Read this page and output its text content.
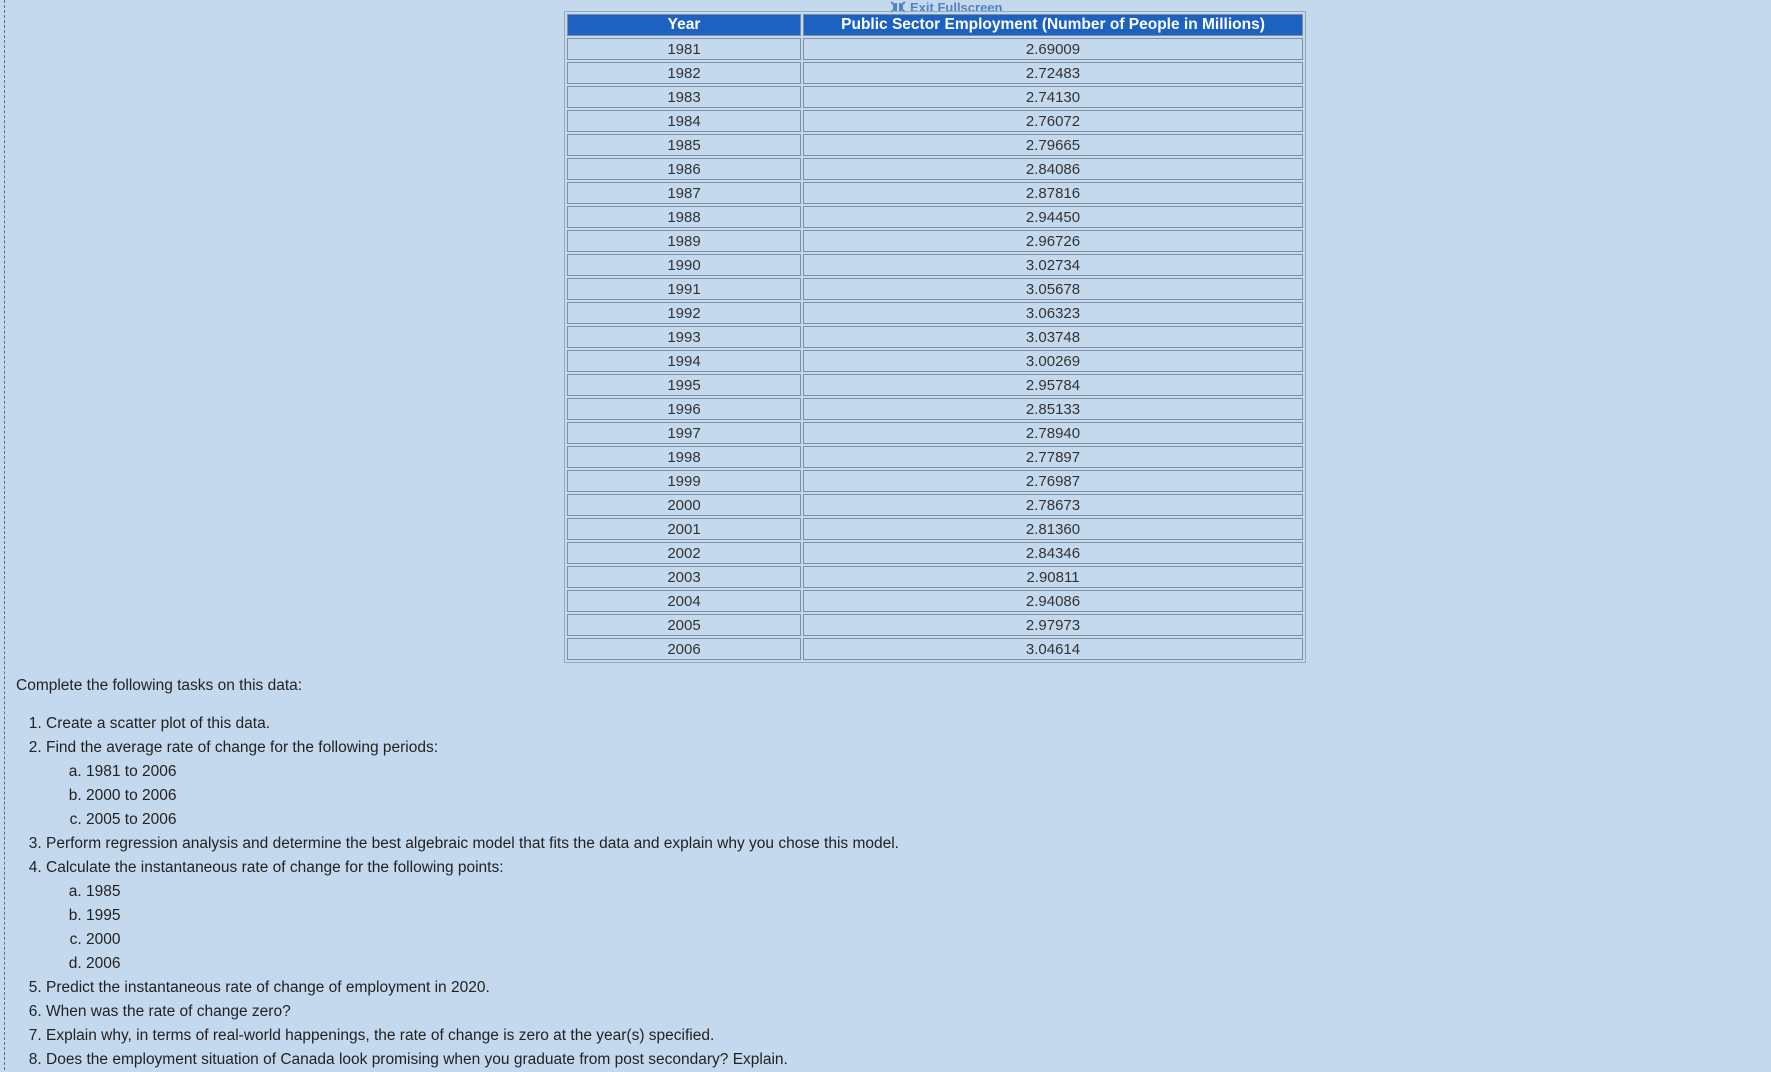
Exit Fullscreen
Year	Public Sector Employment (Number of People in Millions)
1981	2.69009
1982	2.72483
1983	2.74130
1984	2.76072
1985	2.79665
1986	2.84086
1987	2.87816
1988	2.94450
1989	2.96726
1990	3.02734
1991	3.05678
1992	3.06323
1993	3.03748
1994	3.00269
1995	2.95784
1996	2.85133
1997	2.78940
1998	2.77897
1999	2.76987
2000	2.78673
2001	2.81360
2002	2.84346
2003	2.90811
2004	2.94086
2005	2.97973
2006	3.04614

Complete the following tasks on this data:

1. Create a scatter plot of this data.
2. Find the average rate of change for the following periods:
a. 1981 to 2006
b. 2000 to 2006
c. 2005 to 2006
3. Perform regression analysis and determine the best algebraic model that fits the data and explain why you chose this model.
4. Calculate the instantaneous rate of change for the following points:
a. 1985
b. 1995
c. 2000
d. 2006
5. Predict the instantaneous rate of change of employment in 2020.
6. When was the rate of change zero?
7. Explain why, in terms of real-world happenings, the rate of change is zero at the year(s) specified.
8. Does the employment situation of Canada look promising when you graduate from post secondary? Explain.
